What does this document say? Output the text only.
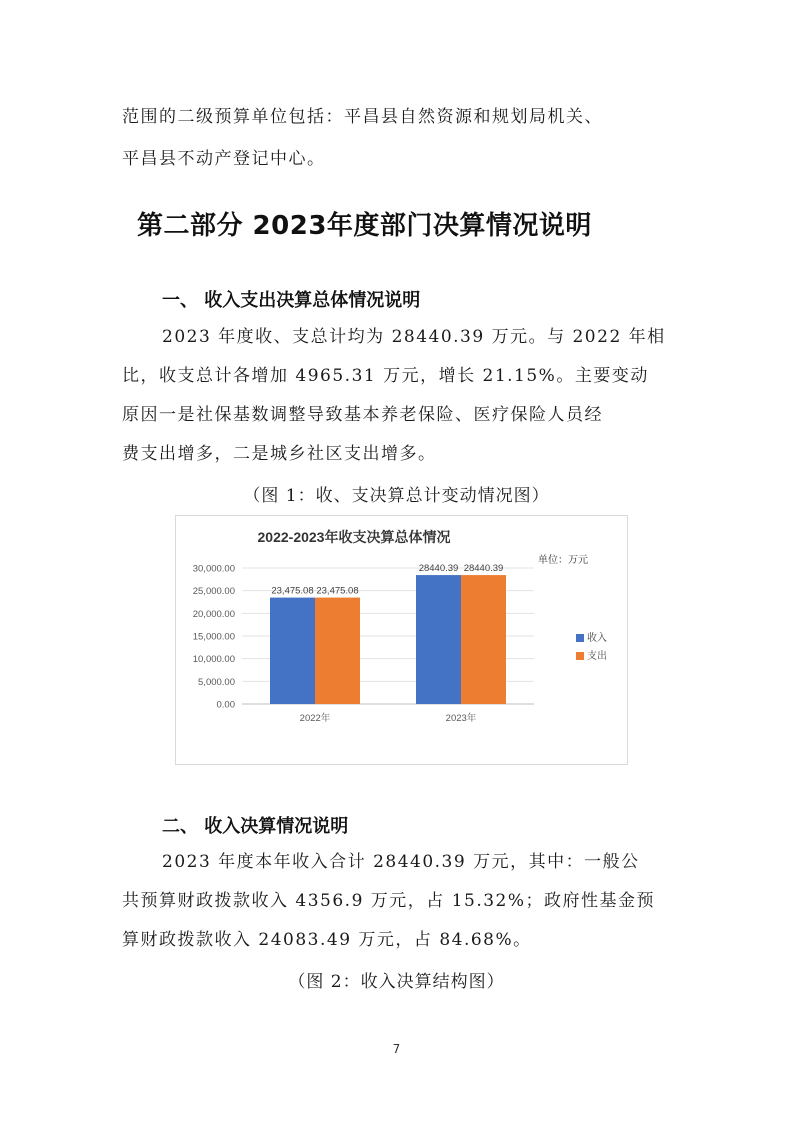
范围的二级预算单位包括：平昌县自然资源和规划局机关、
平昌县不动产登记中心。
第二部分 2023年度部门决算情况说明
一、 收入支出决算总体情况说明
2023 年度收、支总计均为 28440.39 万元。与 2022 年相
比，收支总计各增加 4965.31 万元，增长 21.15%。主要变动
原因一是社保基数调整导致基本养老保险、医疗保险人员经
费支出增多，二是城乡社区支出增多。
（图 1：收、支决算总计变动情况图）
2022-2023年收支决算总体情况
单位：万元
0.00
5,000.00
10,000.00
15,000.00
20,000.00
25,000.00
30,000.00
23,475.08 23,475.08
2022年
28440.39 28440.39
2023年
收入
支出
二、 收入决算情况说明
2023 年度本年收入合计 28440.39 万元，其中：一般公
共预算财政拨款收入 4356.9 万元，占 15.32%；政府性基金预
算财政拨款收入 24083.49 万元，占 84.68%。
（图 2：收入决算结构图）
7
